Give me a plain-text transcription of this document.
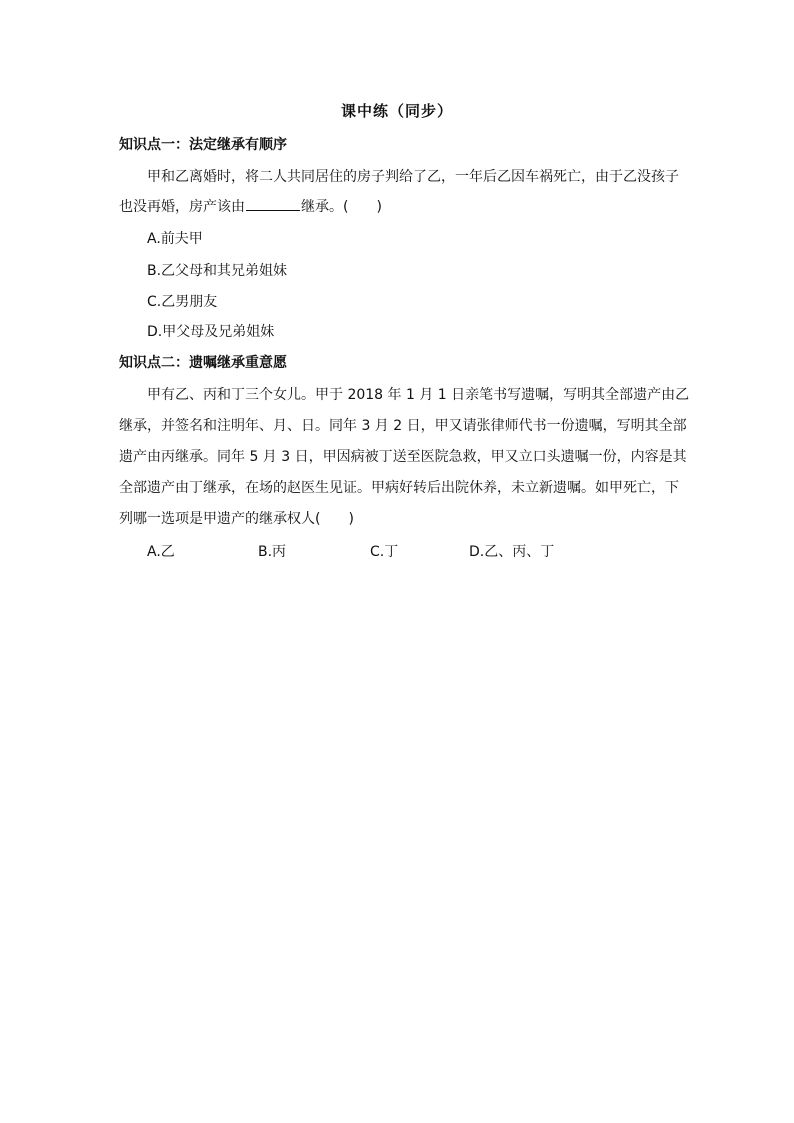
课中练（同步）
知识点一：法定继承有顺序
甲和乙离婚时，将二人共同居住的房子判给了乙，一年后乙因车祸死亡，由于乙没孩子
也没再婚，房产该由	继承。(　　)
A.前夫甲
B.乙父母和其兄弟姐妹
C.乙男朋友
D.甲父母及兄弟姐妹
知识点二：遗嘱继承重意愿
甲有乙、丙和丁三个女儿。甲于 2018 年 1 月 1 日亲笔书写遗嘱，写明其全部遗产由乙
继承，并签名和注明年、月、日。同年 3 月 2 日，甲又请张律师代书一份遗嘱，写明其全部
遗产由丙继承。同年 5 月 3 日，甲因病被丁送至医院急救，甲又立口头遗嘱一份，内容是其
全部遗产由丁继承，在场的赵医生见证。甲病好转后出院休养，未立新遗嘱。如甲死亡，下
列哪一选项是甲遗产的继承权人(　　)
A.乙	B.丙	C.丁	D.乙、丙、丁
